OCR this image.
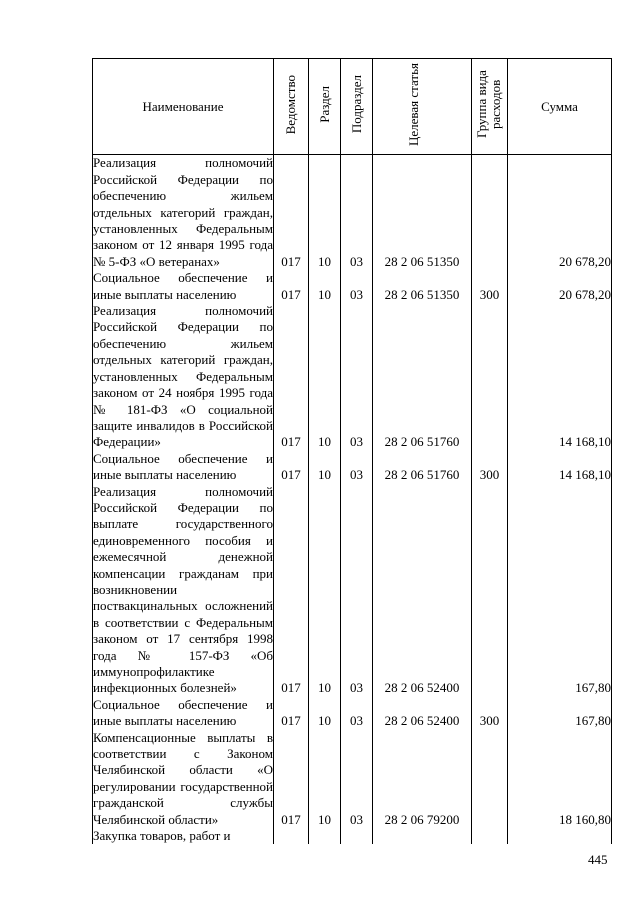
Наименование	Ведомство	Раздел	Подраздел	Целевая статья	Группа вида расходов	Сумма
Реализация полномочий Российской Федерации по обеспечению жильем отдельных категорий граждан, установленных Федеральным законом от 12 января 1995 года № 5-ФЗ «О ветеранах»	017	10	03	28 2 06 51350		20 678,20
Социальное обеспечение и иные выплаты населению	017	10	03	28 2 06 51350	300	20 678,20
Реализация полномочий Российской Федерации по обеспечению жильем отдельных категорий граждан, установленных Федеральным законом от 24 ноября 1995 года № 181-ФЗ «О социальной защите инвалидов в Российской Федерации»	017	10	03	28 2 06 51760		14 168,10
Социальное обеспечение и иные выплаты населению	017	10	03	28 2 06 51760	300	14 168,10
Реализация полномочий Российской Федерации по выплате государственного единовременного пособия и ежемесячной денежной компенсации гражданам при возникновении поствакцинальных осложнений в соответствии с Федеральным законом от 17 сентября 1998 года № 157-ФЗ «Об иммунопрофилактике инфекционных болезней»	017	10	03	28 2 06 52400		167,80
Социальное обеспечение и иные выплаты населению	017	10	03	28 2 06 52400	300	167,80
Компенсационные выплаты в соответствии с Законом Челябинской области «О регулировании государственной гражданской службы Челябинской области»	017	10	03	28 2 06 79200		18 160,80
Закупка товаров, работ и						
445
